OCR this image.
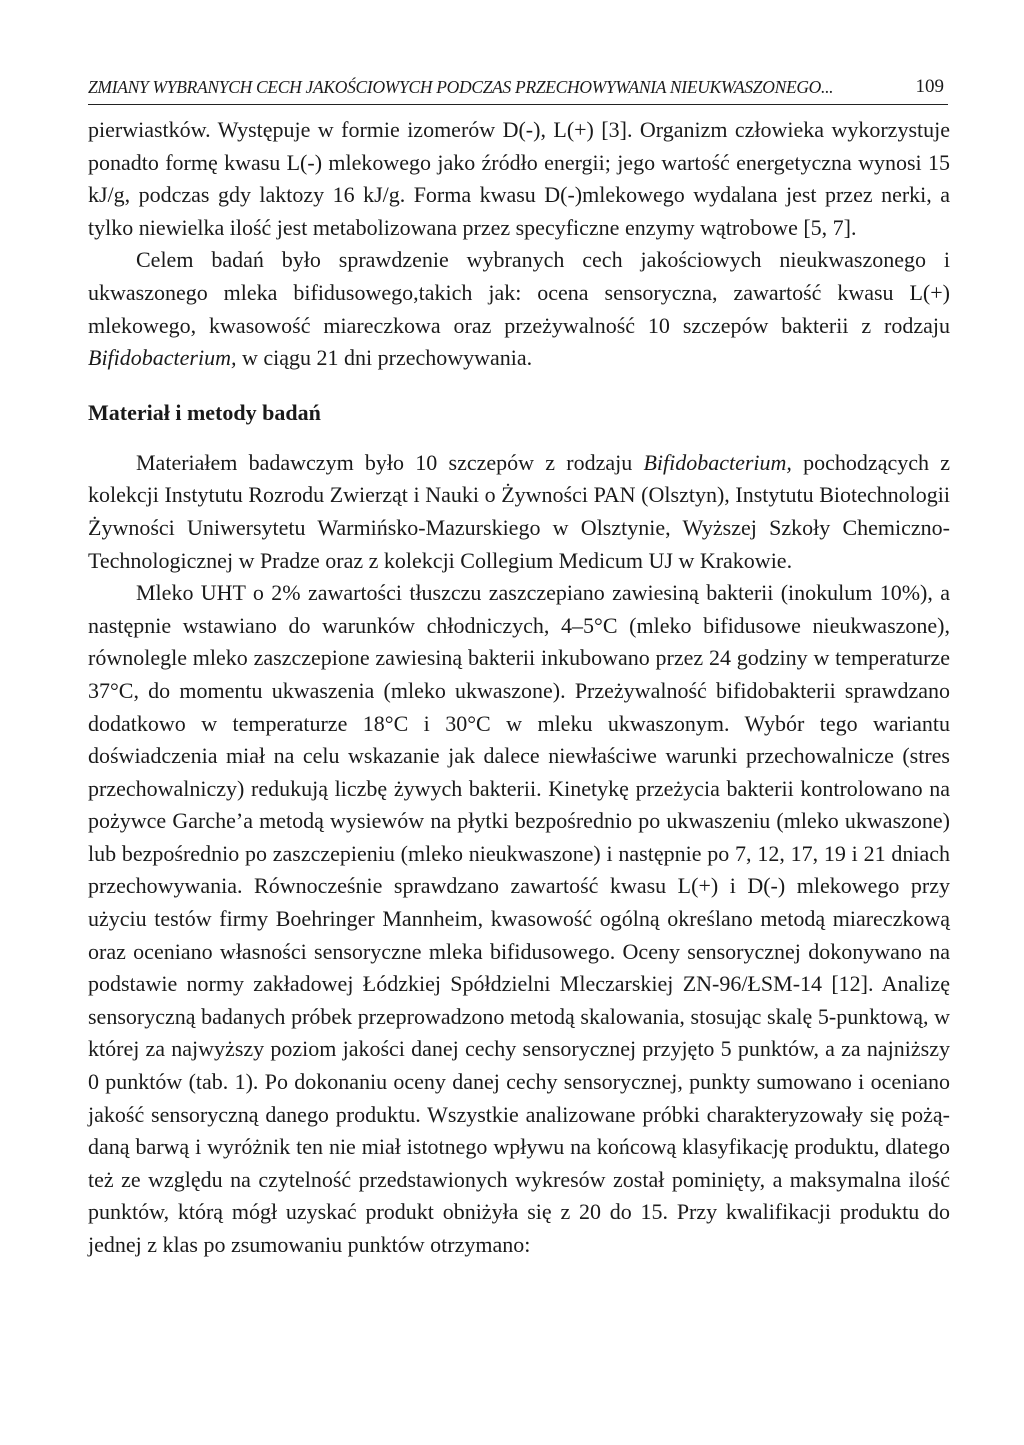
ZMIANY WYBRANYCH CECH JAKOŚCIOWYCH PODCZAS PRZECHOWYWANIA NIEUKWASZONEGO...	109

pierwiastków. Występuje w formie izomerów D(-), L(+) [3]. Organizm człowieka wykorzystuje ponadto formę kwasu L(-) mlekowego jako źródło energii; jego wartość energetyczna wynosi 15 kJ/g, podczas gdy laktozy 16 kJ/g. Forma kwasu D(-)mlekowego wydalana jest przez nerki, a tylko niewielka ilość jest metabolizowana przez specyficzne enzymy wątrobowe [5, 7].

Celem badań było sprawdzenie wybranych cech jakościowych nieukwaszonego i ukwaszonego mleka bifidusowego,takich jak: ocena sensoryczna, zawartość kwasu L(+) mlekowego, kwasowość miareczkowa oraz przeżywalność 10 szczepów bakterii z rodzaju Bifidobacterium, w ciągu 21 dni przechowywania.

Materiał i metody badań

Materiałem badawczym było 10 szczepów z rodzaju Bifidobacterium, pochodzących z kolekcji Instytutu Rozrodu Zwierząt i Nauki o Żywności PAN (Olsztyn), Instytutu Biotechnologii Żywności Uniwersytetu Warmińsko-Mazurskiego w Olsztynie, Wyższej Szkoły Chemiczno-Technologicznej w Pradze oraz z kolekcji Collegium Medicum UJ w Krakowie.

Mleko UHT o 2% zawartości tłuszczu zaszczepiano zawiesiną bakterii (inokulum 10%), a następnie wstawiano do warunków chłodniczych, 4–5°C (mleko bifidusowe nieukwaszone), równolegle mleko zaszczepione zawiesiną bakterii inkubowano przez 24 godziny w temperaturze 37°C, do momentu ukwaszenia (mleko ukwaszone). Przeżywalność bifidobakterii sprawdzano dodatkowo w temperaturze 18°C i 30°C w mleku ukwaszonym. Wybór tego wariantu doświadczenia miał na celu wskazanie jak dalece niewłaściwe warunki przechowalnicze (stres przechowalniczy) redukują liczbę żywych bakterii. Kinetykę przeżycia bakterii kontrolowano na pożywce Garche’a metodą wysiewów na płytki bezpośrednio po ukwaszeniu (mleko ukwaszone) lub bezpośrednio po zaszczepieniu (mleko nieukwaszone) i następnie po 7, 12, 17, 19 i 21 dniach przechowywania. Równocześnie sprawdzano zawartość kwasu L(+) i D(-) mlekowego przy użyciu testów firmy Boehringer Mannheim, kwasowość ogólną określano metodą miareczkową oraz oceniano własności sensoryczne mleka bifidusowego. Oceny sensorycznej dokonywano na podstawie normy zakładowej Łódzkiej Spółdzielni Mleczarskiej ZN-96/ŁSM-14 [12]. Analizę sensoryczną badanych próbek przeprowadzono metodą skalowania, stosując skalę 5-punktową, w której za najwyższy poziom jakości danej cechy sensorycznej przyjęto 5 punktów, a za najniższy 0 punktów (tab. 1). Po dokonaniu oceny danej cechy sensorycznej, punkty sumowano i oceniano jakość sensoryczną danego produktu. Wszystkie analizowane próbki charakteryzowały się pożądaną barwą i wyróżnik ten nie miał istotnego wpływu na końcową klasyfikację produktu, dlatego też ze względu na czytelność przedstawionych wykresów został pominięty, a maksymalna ilość punktów, którą mógł uzyskać produkt obniżyła się z 20 do 15. Przy kwalifikacji produktu do jednej z klas po zsumowaniu punktów otrzymano:
